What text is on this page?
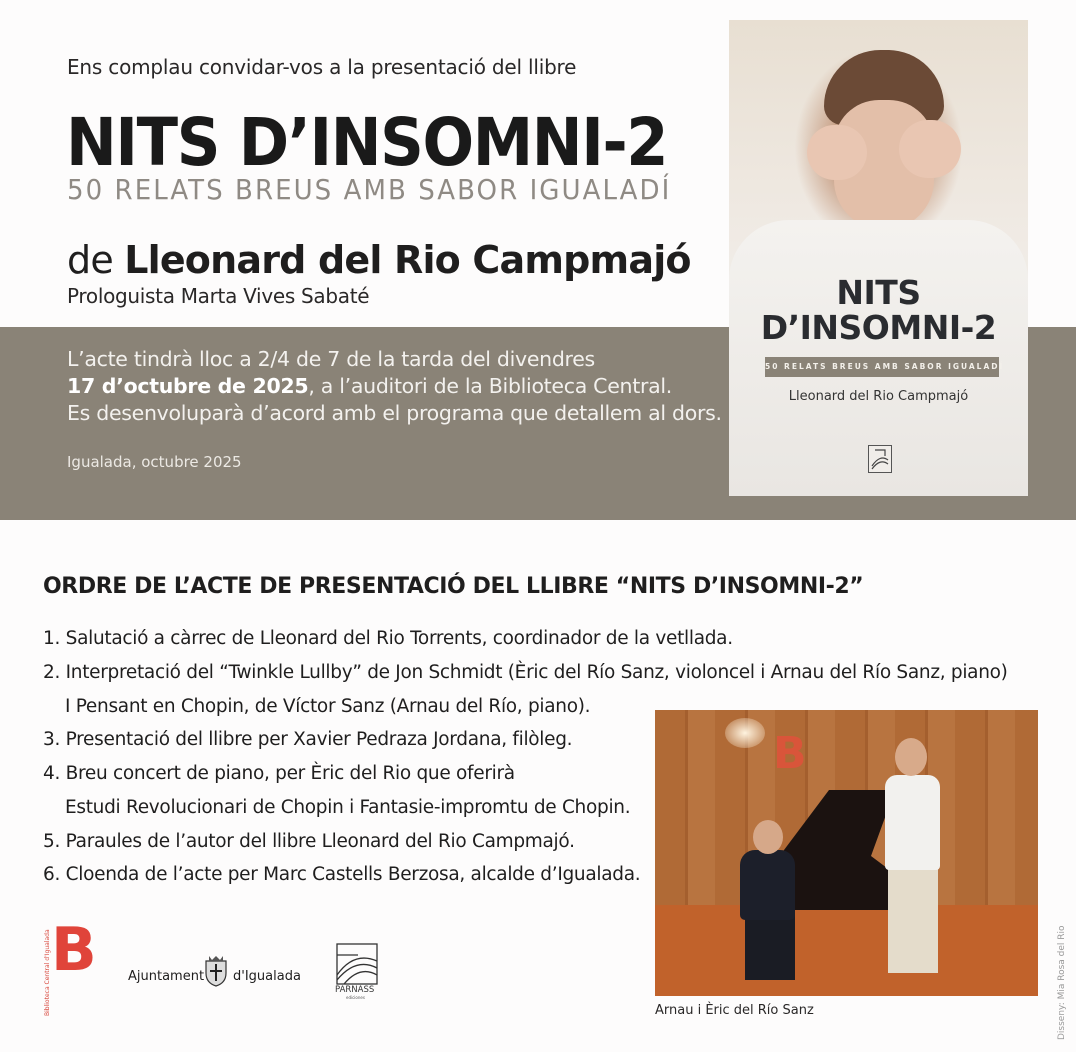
Ens complau convidar-vos a la presentació del llibre
NITS D’INSOMNI-2
50 RELATS BREUS AMB SABOR IGUALADÍ
de Lleonard del Rio Campmajó
Prologuista Marta Vives Sabaté
L’acte tindrà lloc a 2/4 de 7 de la tarda del divendres
17 d’octubre de 2025, a l’auditori de la Biblioteca Central.
Es desenvoluparà d’acord amb el programa que detallem al dors.
Igualada, octubre 2025
NITS
D’INSOMNI-2
50 RELATS BREUS AMB SABOR IGUALADÍ
Lleonard del Rio Campmajó
ORDRE DE L’ACTE DE PRESENTACIÓ DEL LLIBRE “NITS D’INSOMNI-2”
1. Salutació a càrrec de Lleonard del Rio Torrents, coordinador de la vetllada.
2. Interpretació del “Twinkle Lullby” de Jon Schmidt (Èric del Río Sanz, violoncel i Arnau del Río Sanz, piano)
I Pensant en Chopin, de Víctor Sanz (Arnau del Río, piano).
3. Presentació del llibre per Xavier Pedraza Jordana, filòleg.
4. Breu concert de piano, per Èric del Rio que oferirà
Estudi Revolucionari de Chopin i Fantasie-impromtu de Chopin.
5. Paraules de l’autor del llibre Lleonard del Rio Campmajó.
6. Cloenda de l’acte per Marc Castells Berzosa, alcalde d’Igualada.
B
Arnau i Èric del Río Sanz	Disseny: Mia Rosa del Rio
Biblioteca Central d'Igualada B Ajuntament d'Igualada
PARNASS
ediciones
